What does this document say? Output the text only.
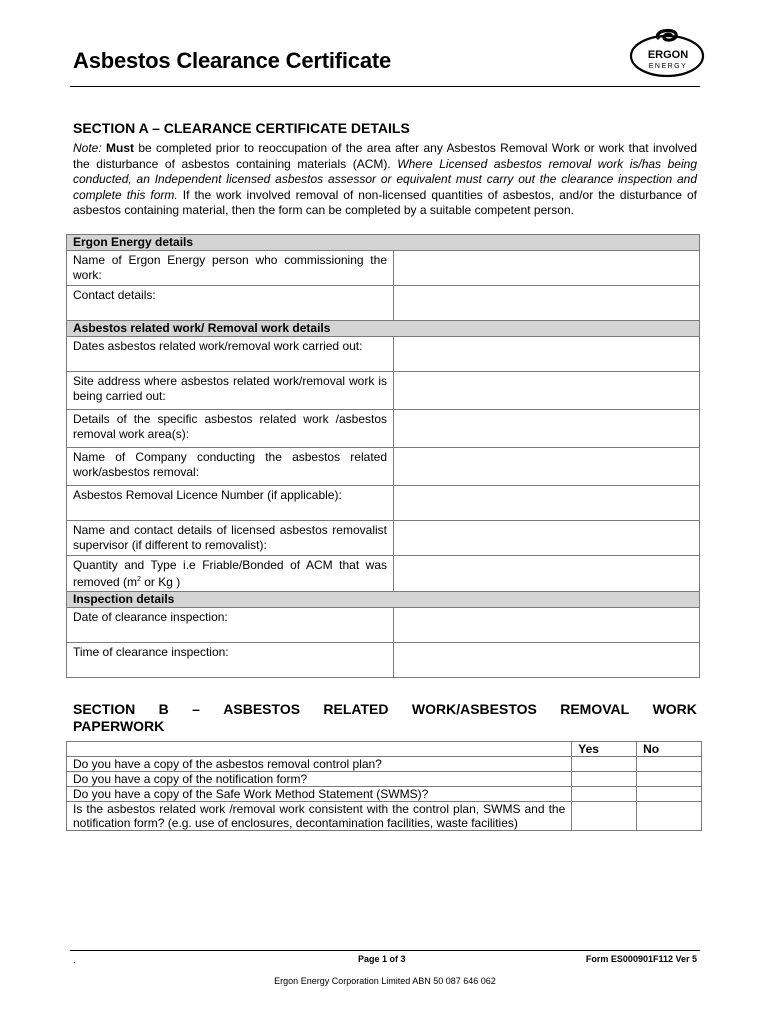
Asbestos Clearance Certificate	ERGON
ENERGY
SECTION A – CLEARANCE CERTIFICATE DETAILS
Note: Must be completed prior to reoccupation of the area after any Asbestos Removal Work or work that involved the disturbance of asbestos containing materials (ACM). Where Licensed asbestos removal work is/has being conducted, an Independent licensed asbestos assessor or equivalent must carry out the clearance inspection and complete this form. If the work involved removal of non-licensed quantities of asbestos, and/or the disturbance of asbestos containing material, then the form can be completed by a suitable competent person.
Ergon Energy details	
Name of Ergon Energy person who commissioning the work:	
Contact details:	
Asbestos related work/ Removal work details	
Dates asbestos related work/removal work carried out:	
Site address where asbestos related work/removal work is being carried out:	
Details of the specific asbestos related work /asbestos removal work area(s):	
Name of Company conducting the asbestos related work/asbestos removal:	
Asbestos Removal Licence Number (if applicable):	
Name and contact details of licensed asbestos removalist supervisor (if different to removalist):	
Quantity and Type i.e Friable/Bonded of ACM that was removed ($m^2$ or Kg )	
Inspection details	
Date of clearance inspection:	
Time of clearance inspection:	
SECTION B – ASBESTOS RELATED WORK/ASBESTOS REMOVAL WORK
PAPERWORK
	Yes	No
Do you have a copy of the asbestos removal control plan?		
Do you have a copy of the notification form?		
Do you have a copy of the Safe Work Method Statement (SWMS)?		
Is the asbestos related work /removal work consistent with the control plan, SWMS and the notification form? (e.g. use of enclosures, decontamination facilities, waste facilities)		
.	Page 1 of 3	Form ES000901F112 Ver 5
Ergon Energy Corporation Limited ABN 50 087 646 062
